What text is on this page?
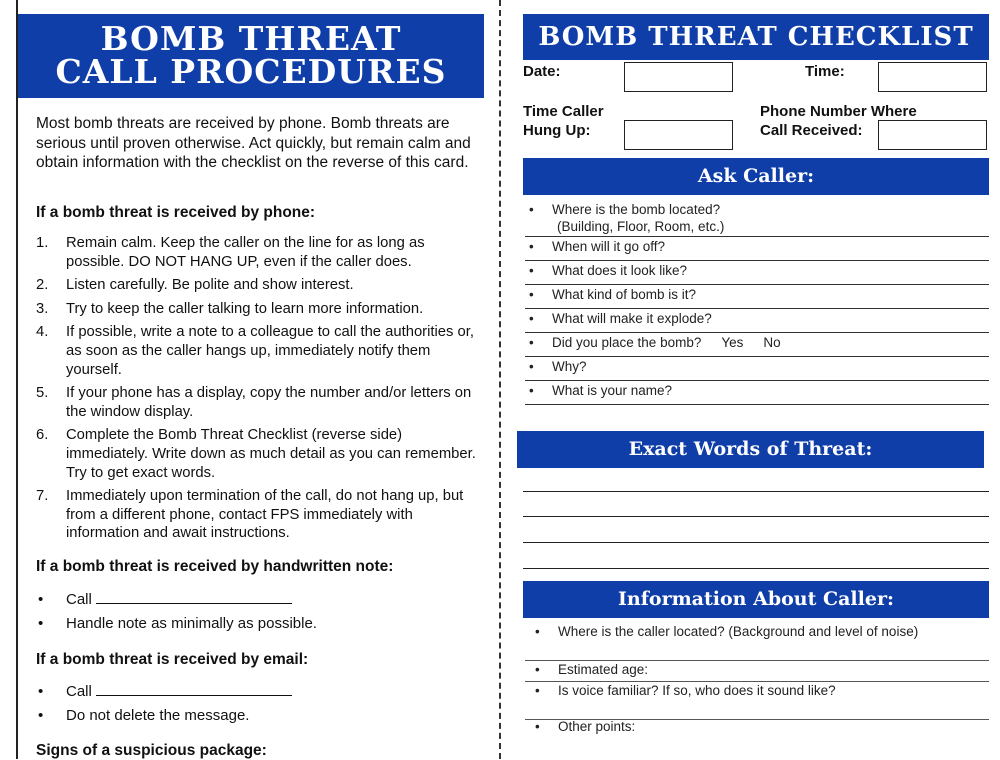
BOMB THREAT
CALL PROCEDURES
Most bomb threats are received by phone. Bomb threats are serious until proven otherwise. Act quickly, but remain calm and obtain information with the checklist on the reverse of this card.
If a bomb threat is received by phone:
1. Remain calm. Keep the caller on the line for as long as possible. DO NOT HANG UP, even if the caller does.
2. Listen carefully. Be polite and show interest.
3. Try to keep the caller talking to learn more information.
4. If possible, write a note to a colleague to call the authorities or, as soon as the caller hangs up, immediately notify them yourself.
5. If your phone has a display, copy the number and/or letters on the window display.
6. Complete the Bomb Threat Checklist (reverse side) immediately. Write down as much detail as you can remember. Try to get exact words.
7. Immediately upon termination of the call, do not hang up, but from a different phone, contact FPS immediately with information and await instructions.
If a bomb threat is received by handwritten note:
• Call
• Handle note as minimally as possible.
If a bomb threat is received by email:
• Call
• Do not delete the message.
Signs of a suspicious package:
BOMB THREAT CHECKLIST
Date:	Time:
Time Caller
Hung Up:
Phone Number Where
Call Received:
Ask Caller:
• Where is the bomb located?
(Building, Floor, Room, etc.)
• When will it go off?
• What does it look like?
• What kind of bomb is it?
• What will make it explode?
• Did you place the bomb? Yes No
• Why?
• What is your name?
Exact Words of Threat:
Information About Caller:
• Where is the caller located? (Background and level of noise)
• Estimated age:
• Is voice familiar? If so, who does it sound like?
• Other points:
